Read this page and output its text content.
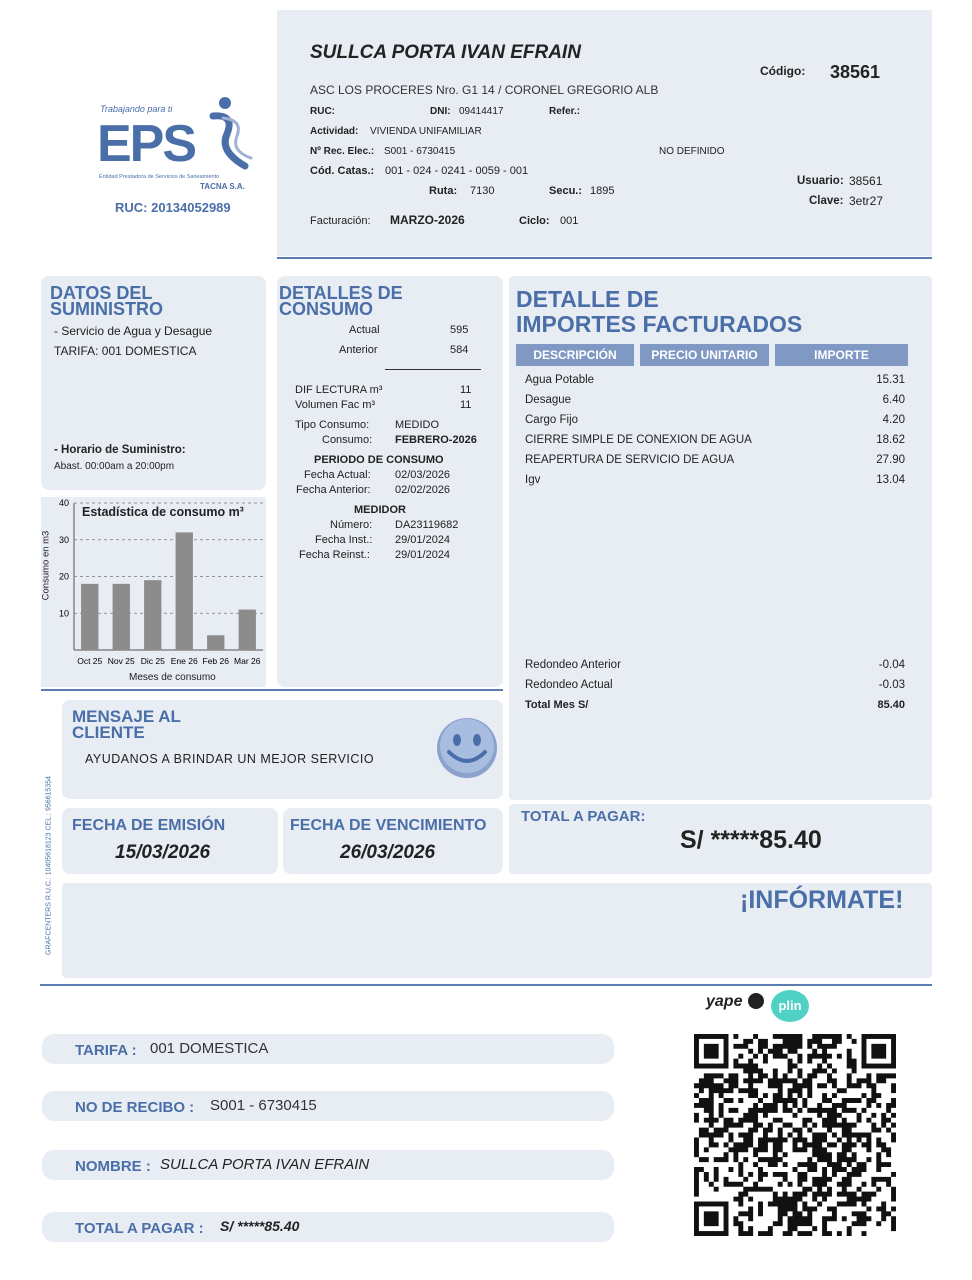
Trabajando para ti
EPS
Entidad Prestadora de Servicios de Saneamiento
TACNA S.A.
RUC: 20134052989
SULLCA PORTA IVAN EFRAIN
ASC LOS PROCERES Nro. G1 14 / CORONEL GREGORIO ALB
Código: 38561
RUC:	DNI: 09414417	Refer.:
Actividad: VIVIENDA UNIFAMILIAR
Nº Rec. Elec.: S001 - 6730415	NO DEFINIDO
Cód. Catas.: 001 - 024 - 0241 - 0059 - 001
Ruta: 7130	Secu.: 1895
Usuario: 38561
Clave: 3etr27
Facturación: MARZO-2026	Ciclo: 001
DATOS DEL
SUMINISTRO
- Servicio de Agua y Desague
TARIFA: 001 DOMESTICA
- Horario de Suministro:
Abast. 00:00am a 20:00pm
10
20
30
40
Oct 25 Nov 25 Dic 25 Ene 26 Feb 26 Mar 26
Estadística de consumo m³
Consumo en m3
Meses de consumo
DETALLES DE
CONSUMO
Actual	595
Anterior	584
DIF LECTURA m³	11
Volumen Fac m³	11
Tipo Consumo: MEDIDO
Consumo: FEBRERO-2026
PERIODO DE CONSUMO
Fecha Actual: 02/03/2026
Fecha Anterior: 02/02/2026
MEDIDOR
Número: DA23119682
Fecha Inst.: 29/01/2024
Fecha Reinst.: 29/01/2024
DETALLE DE
IMPORTES FACTURADOS
DESCRIPCIÓN	PRECIO UNITARIO	IMPORTE
Agua Potable	15.31
Desague	6.40
Cargo Fijo	4.20
CIERRE SIMPLE DE CONEXION DE AGUA	18.62
REAPERTURA DE SERVICIO DE AGUA	27.90
Igv	13.04
Redondeo Anterior	-0.04
Redondeo Actual	-0.03
Total Mes S/	85.40
MENSAJE AL
CLIENTE
AYUDANOS A BRINDAR UN MEJOR SERVICIO
FECHA DE EMISIÓN
15/03/2026
FECHA DE VENCIMIENTO
26/03/2026
TOTAL A PAGAR:
S/ *****85.40
¡INFÓRMATE!
GRAFCENTERS R.U.C.: 10405618123 CEL.: 956615354
yape	plin
TARIFA : 001 DOMESTICA
NO DE RECIBO : S001 - 6730415
NOMBRE : SULLCA PORTA IVAN EFRAIN
TOTAL A PAGAR : S/ *****85.40
